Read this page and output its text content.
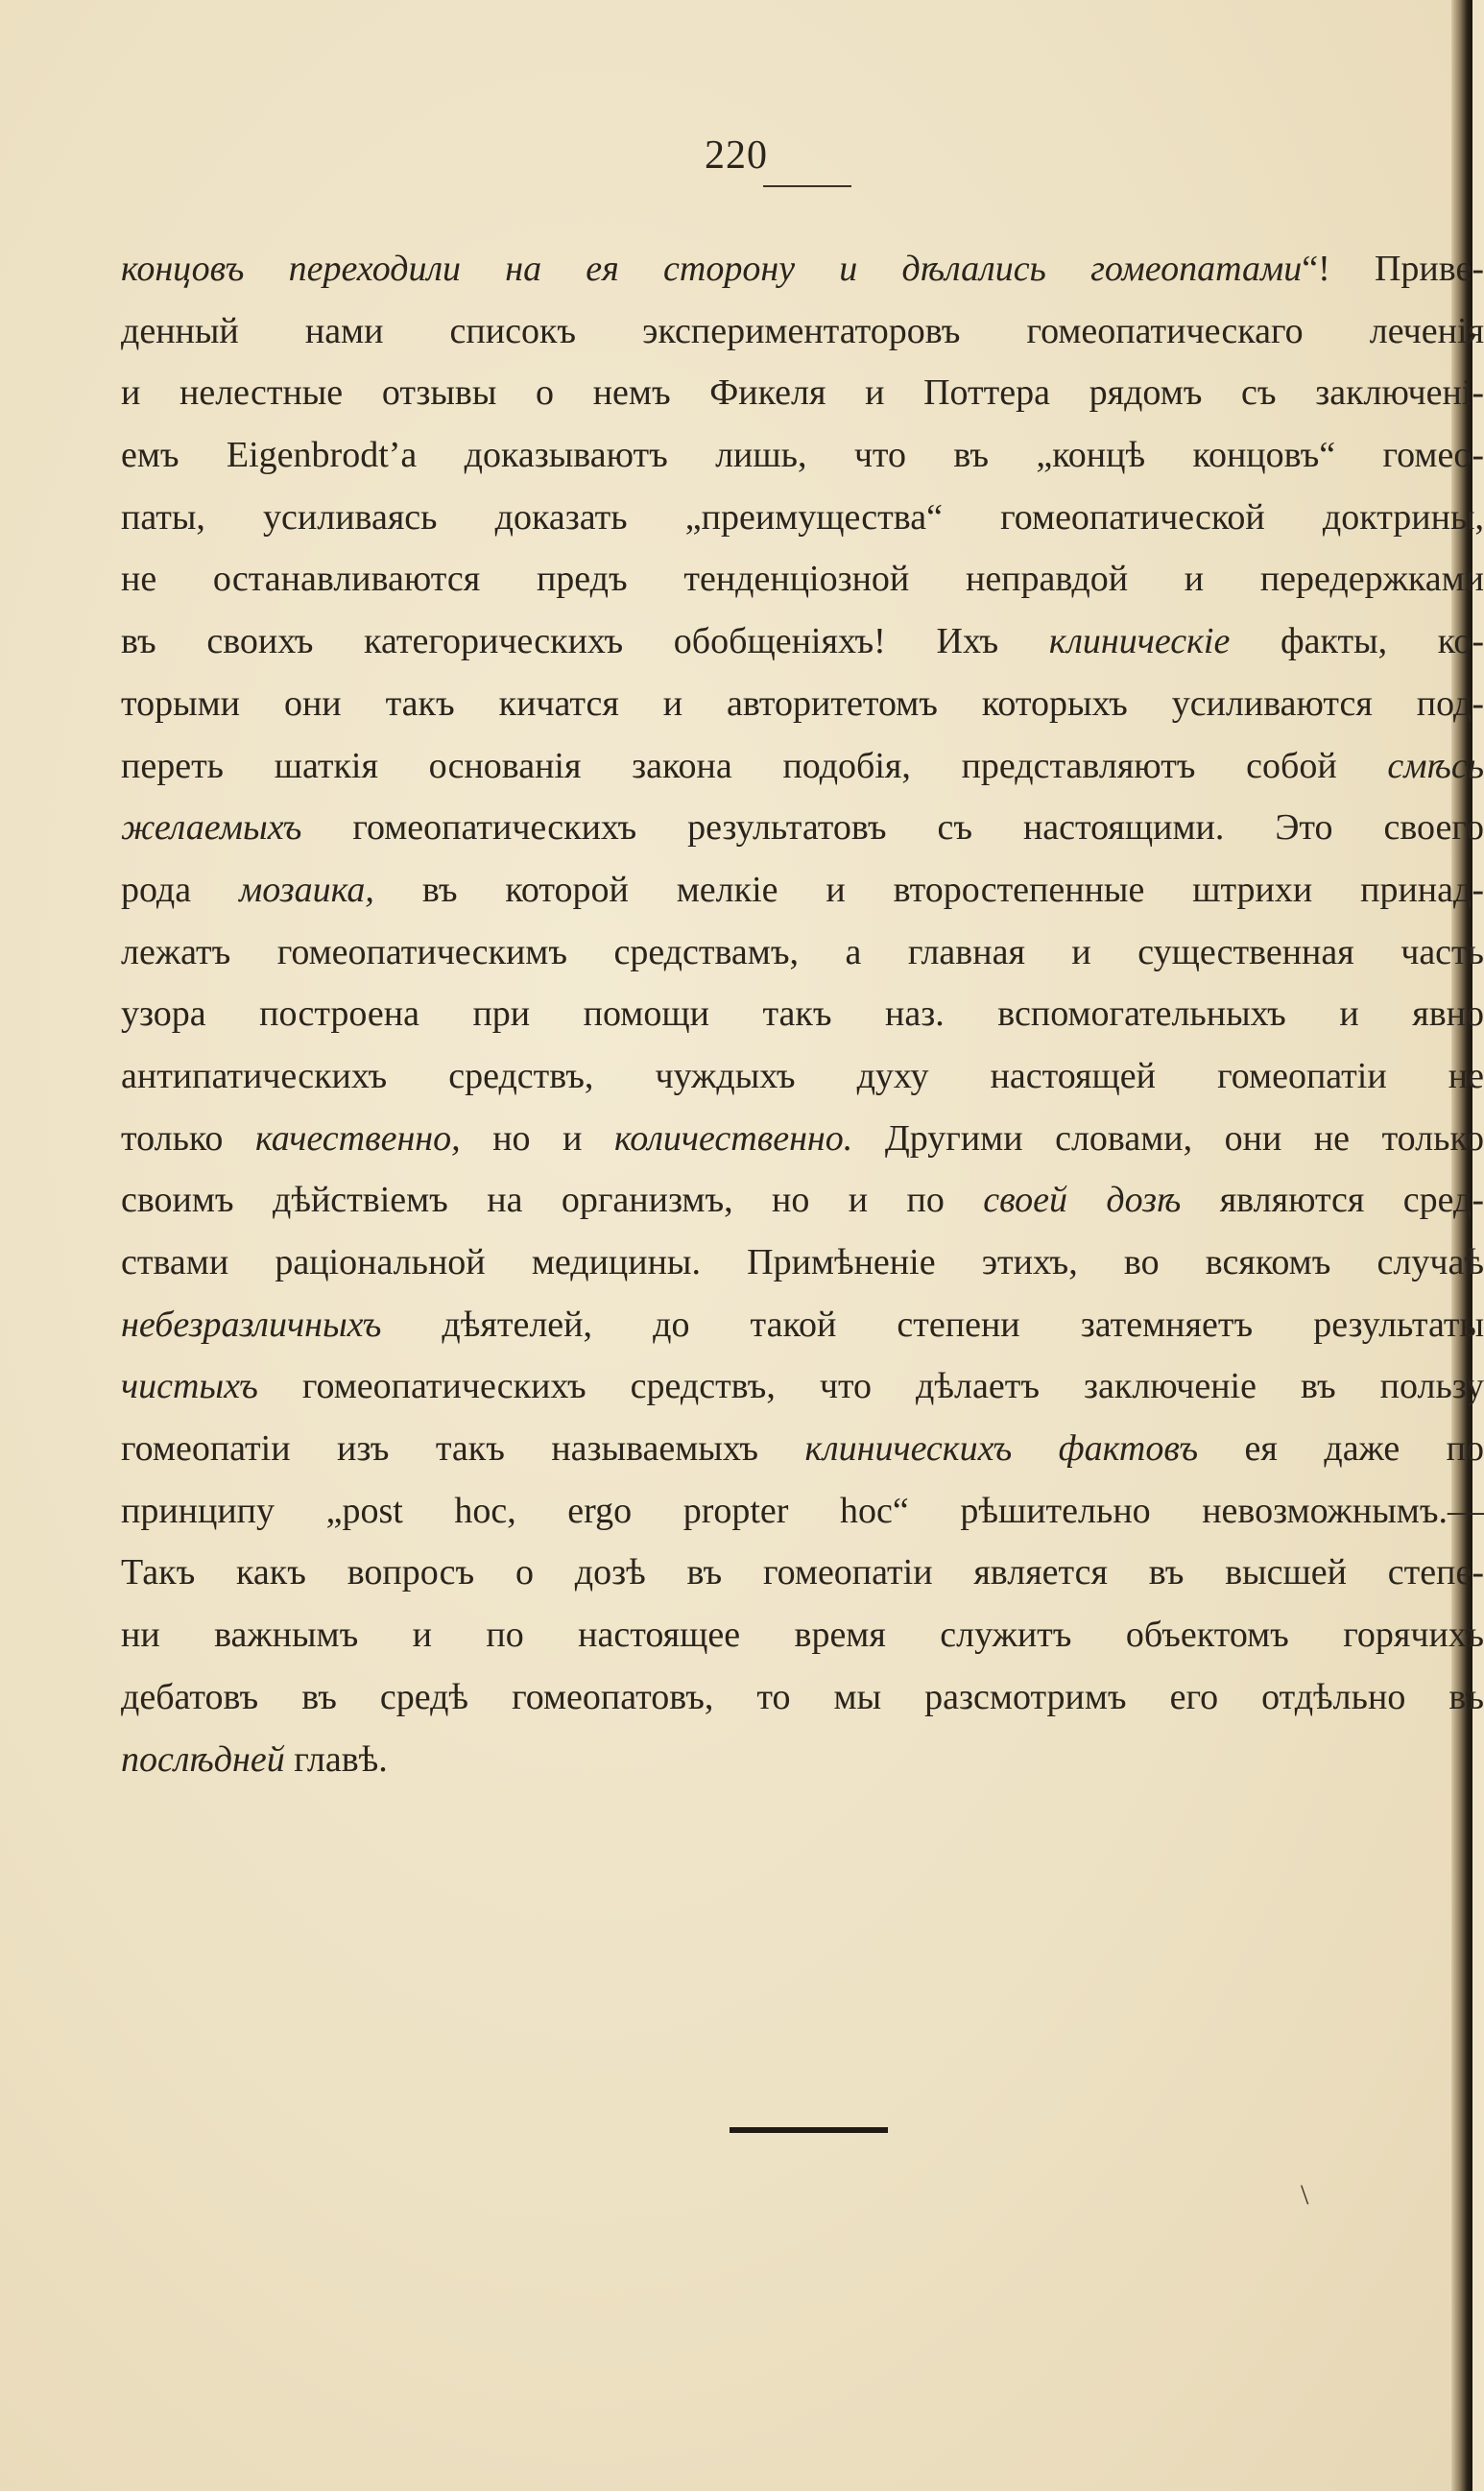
220
концовъ переходили на ея сторону и дѣлались гомеопатами“! Приве-
денный нами списокъ экспериментаторовъ гомеопатическаго леченія
и нелестные отзывы о немъ Фикеля и Поттера рядомъ съ заключені-
емъ Eigenbrodt’а доказываютъ лишь, что въ „концѣ концовъ“ гомео-
паты, усиливаясь доказать „преимущества“ гомеопатической доктрины,
не останавливаются предъ тенденціозной неправдой и передержками
въ своихъ категорическихъ обобщеніяхъ! Ихъ клиническіе факты, ко-
торыми они такъ кичатся и авторитетомъ которыхъ усиливаются под-
переть шаткія основанія закона подобія, представляютъ собой смѣсь
желаемыхъ гомеопатическихъ результатовъ съ настоящими. Это своего
рода мозаика, въ которой мелкіе и второстепенные штрихи принад-
лежатъ гомеопатическимъ средствамъ, а главная и существенная часть
узора построена при помощи такъ наз. вспомогательныхъ и явно
антипатическихъ средствъ, чуждыхъ духу настоящей гомеопатіи не
только качественно, но и количественно. Другими словами, они не только
своимъ дѣйствіемъ на организмъ, но и по своей дозѣ являются сред-
ствами раціональной медицины. Примѣненіе этихъ, во всякомъ случаѣ
небезразличныхъ дѣятелей, до такой степени затемняетъ результаты
чистыхъ гомеопатическихъ средствъ, что дѣлаетъ заключеніе въ пользу
гомеопатіи изъ такъ называемыхъ клиническихъ фактовъ ея даже по
принципу „post hoc, ergo propter hoc“ рѣшительно невозможнымъ.—
Такъ какъ вопросъ о дозѣ въ гомеопатіи является въ высшей степе-
ни важнымъ и по настоящее время служитъ объектомъ горячихъ
дебатовъ въ средѣ гомеопатовъ, то мы разсмотримъ его отдѣльно въ
послѣдней главѣ.
\
